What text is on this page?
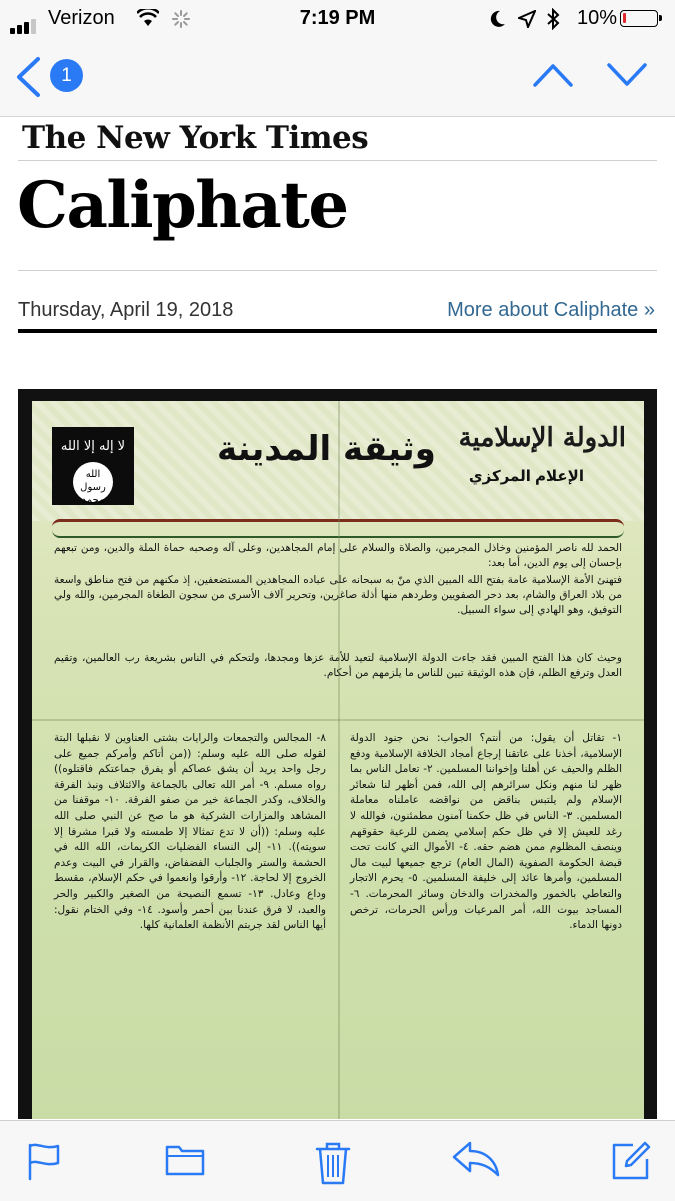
Verizon	7:19 PM	10%
1
The New York Times
Caliphate
Thursday, April 19, 2018	More about Caliphate »
لا إله إلا الله
الله رسول محمد
وثيقة المدينة الدولة الإسلامية
الإعلام المركزي
الحمد لله ناصر المؤمنين وخاذل المجرمين، والصلاة والسلام على إمام المجاهدين، وعلى آله وصحبه حماة الملة والدين، ومن تبعهم بإحسان إلى يوم الدين، أما بعد:
فتهنئ الأمة الإسلامية عامة بفتح الله المبين الذي منّ به سبحانه على عباده المجاهدين المستضعفين، إذ مكنهم من فتح مناطق واسعة من بلاد العراق والشام، بعد دحر الصفويين وطردهم منها أذلة صاغرين، وتحرير آلاف الأسرى من سجون الطغاة المجرمين، والله ولي التوفيق، وهو الهادي إلى سواء السبيل.
وحيث كان هذا الفتح المبين فقد جاءت الدولة الإسلامية لتعيد للأمة عزها ومجدها، ولتحكم في الناس بشريعة رب العالمين، وتقيم العدل وترفع الظلم، فإن هذه الوثيقة تبين للناس ما يلزمهم من أحكام.
١- تقاتل أن يقول: من أنتم؟ الجواب: نحن جنود الدولة الإسلامية، أخذنا على عاتقنا إرجاع أمجاد الخلافة الإسلامية ودفع الظلم والحيف عن أهلنا وإخواننا المسلمين. ٢- تعامل الناس بما ظهر لنا منهم ونكل سرائرهم إلى الله، فمن أظهر لنا شعائر الإسلام ولم يلتبس بناقض من نواقضه عاملناه معاملة المسلمين. ٣- الناس في ظل حكمنا آمنون مطمئنون، فوالله لا رغد للعيش إلا في ظل حكم إسلامي يضمن للرعية حقوقهم وينصف المظلوم ممن هضم حقه. ٤- الأموال التي كانت تحت قبضة الحكومة الصفوية (المال العام) ترجع جميعها لبيت مال المسلمين، وأمرها عائد إلى خليفة المسلمين. ٥- يحرم الاتجار والتعاطي بالخمور والمخدرات والدخان وسائر المحرمات. ٦- المساجد بيوت الله، أمر المرعيات ورأس الحرمات، ترخص دونها الدماء.
٨- المجالس والتجمعات والرايات بشتى العناوين لا نقبلها البتة لقوله صلى الله عليه وسلم: ((من أتاكم وأمركم جميع على رجل واحد يريد أن يشق عصاكم أو يفرق جماعتكم فاقتلوه)) رواه مسلم. ٩- أمر الله تعالى بالجماعة والائتلاف ونبذ الفرقة والخلاف، وكدر الجماعة خير من صفو الفرقة. ١٠- موقفنا من المشاهد والمزارات الشركية هو ما صح عن النبي صلى الله عليه وسلم: ((أن لا تدع تمثالا إلا طمسته ولا قبرا مشرفا إلا سويته)). ١١- إلى النساء الفضليات الكريمات، الله الله في الحشمة والستر والجلباب الفضفاض، والقرار في البيت وعدم الخروج إلا لحاجة. ١٢- وأرقوا وانعموا في حكم الإسلام، مقسط وداع وعادل. ١٣- تسمع النصيحة من الصغير والكبير والحر والعبد، لا فرق عندنا بين أحمر وأسود. ١٤- وفي الختام نقول: أيها الناس لقد جربتم الأنظمة العلمانية كلها.
